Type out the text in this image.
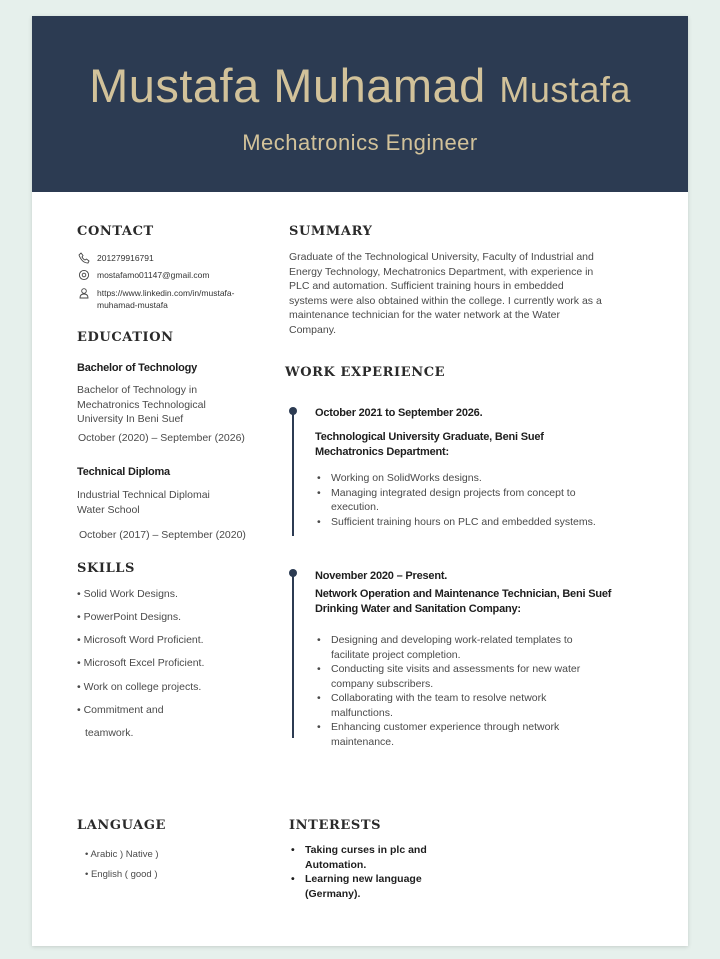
Mustafa Muhamad Mustafa
Mechatronics Engineer
CONTACT
201279916791
mostafamo01147@gmail.com
https://www.linkedin.com/in/mustafa-
muhamad-mustafa
EDUCATION
Bachelor of Technology
Bachelor of Technology in
Mechatronics Technological
University In Beni Suef
October (2020) – September (2026)
Technical Diploma
Industrial Technical Diplomai
Water School
October (2017) – September (2020)
SKILLS
• Solid Work Designs.
• PowerPoint Designs.
• Microsoft Word Proficient.
• Microsoft Excel Proficient.
• Work on college projects.
• Commitment and
teamwork.
SUMMARY
Graduate of the Technological University, Faculty of Industrial and
Energy Technology, Mechatronics Department, with experience in
PLC and automation. Sufficient training hours in embedded
systems were also obtained within the college. I currently work as a
maintenance technician for the water network at the Water
Company.
WORK EXPERIENCE
October 2021 to September 2026.
Technological University Graduate, Beni Suef
Mechatronics Department:
• Working on SolidWorks designs.
• Managing integrated design projects from concept to
execution.
• Sufficient training hours on PLC and embedded systems.
November 2020 – Present.
Network Operation and Maintenance Technician, Beni Suef
Drinking Water and Sanitation Company:
• Designing and developing work-related templates to
facilitate project completion.
• Conducting site visits and assessments for new water
company subscribers.
• Collaborating with the team to resolve network
malfunctions.
• Enhancing customer experience through network
maintenance.
LANGUAGE
• Arabic ) Native )
• English ( good )
INTERESTS
• Taking curses in plc and
Automation.
• Learning new language
(Germany).
